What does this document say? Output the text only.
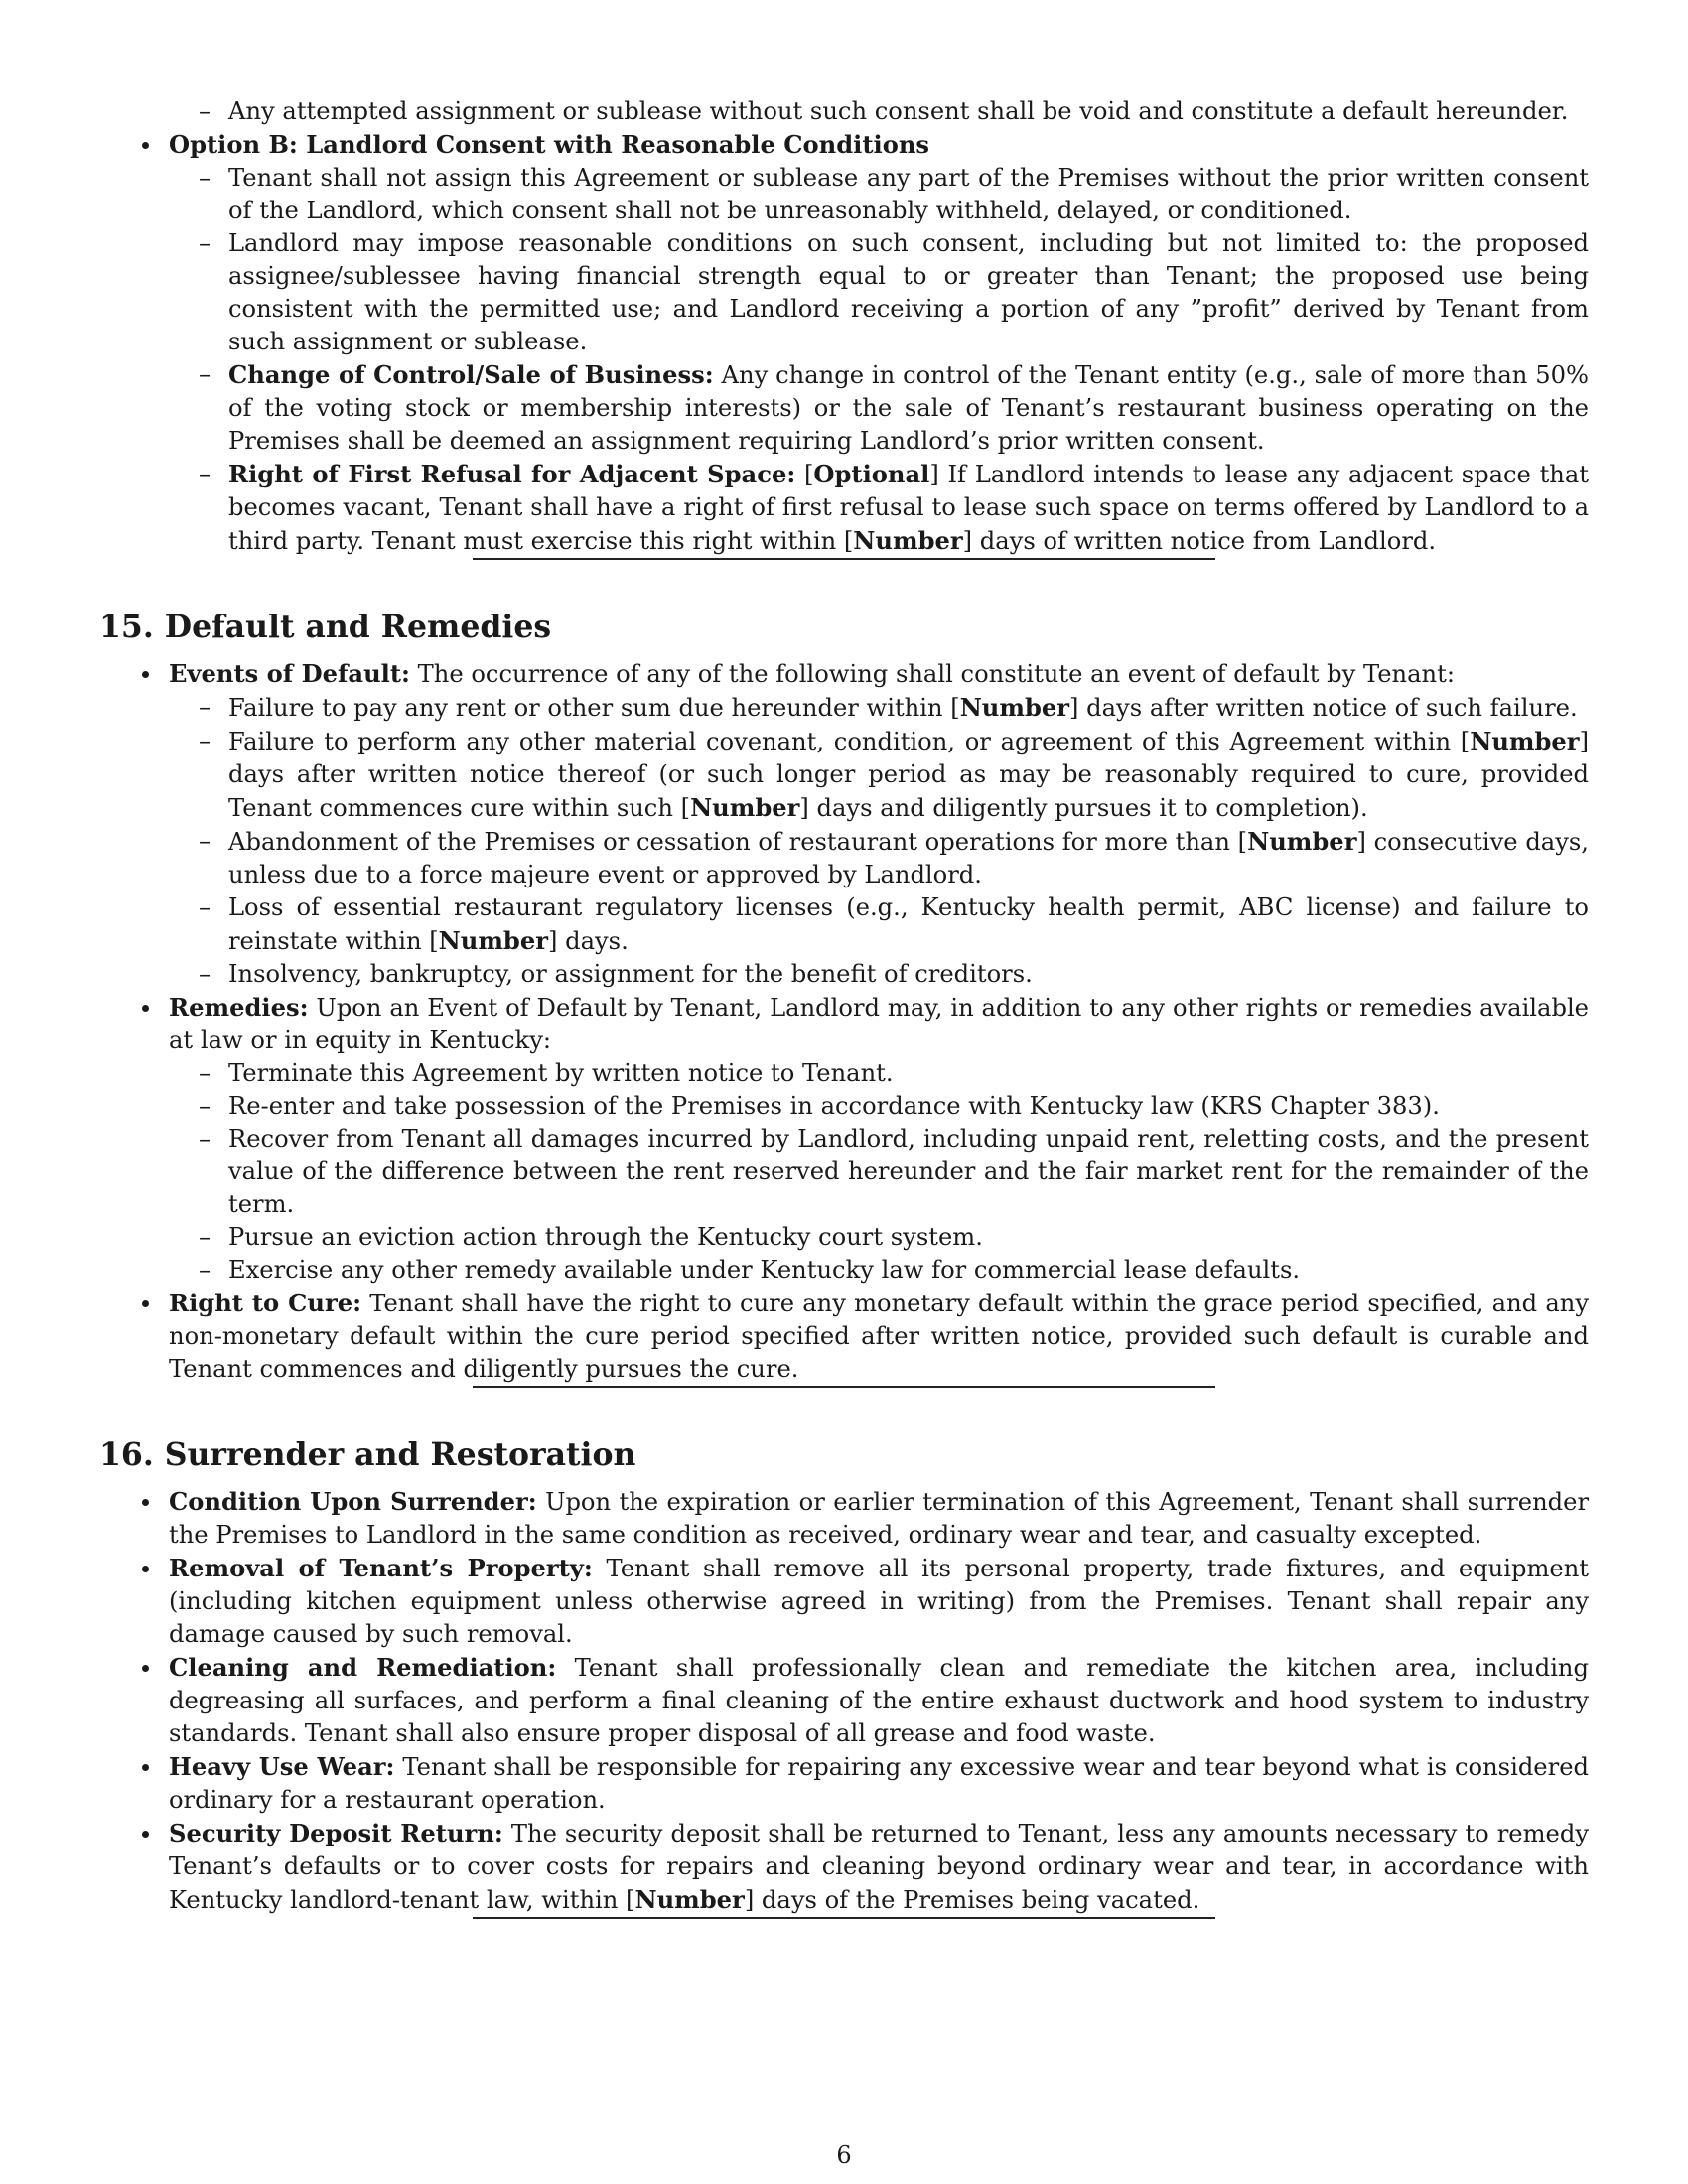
– Any attempted assignment or sublease without such consent shall be void and constitute a default hereunder.
Option B: Landlord Consent with Reasonable Conditions
– Tenant shall not assign this Agreement or sublease any part of the Premises without the prior written consent of the Landlord, which consent shall not be unreasonably withheld, delayed, or conditioned.
– Landlord may impose reasonable conditions on such consent, including but not limited to: the proposed assignee/sublessee having financial strength equal to or greater than Tenant; the proposed use being consistent with the permitted use; and Landlord receiving a portion of any ”profit” derived by Tenant from such assignment or sublease.
– Change of Control/Sale of Business: Any change in control of the Tenant entity (e.g., sale of more than 50% of the voting stock or membership interests) or the sale of Tenant’s restaurant business operating on the Premises shall be deemed an assignment requiring Landlord’s prior written consent.
– Right of First Refusal for Adjacent Space: [Optional] If Landlord intends to lease any adjacent space that becomes vacant, Tenant shall have a right of first refusal to lease such space on terms offered by Landlord to a third party. Tenant must exercise this right within [Number] days of written notice from Landlord.
15. Default and Remedies
Events of Default: The occurrence of any of the following shall constitute an event of default by Tenant:
– Failure to pay any rent or other sum due hereunder within [Number] days after written notice of such failure.
– Failure to perform any other material covenant, condition, or agreement of this Agreement within [Number] days after written notice thereof (or such longer period as may be reasonably required to cure, provided Tenant commences cure within such [Number] days and diligently pursues it to completion).
– Abandonment of the Premises or cessation of restaurant operations for more than [Number] consecutive days, unless due to a force majeure event or approved by Landlord.
– Loss of essential restaurant regulatory licenses (e.g., Kentucky health permit, ABC license) and failure to reinstate within [Number] days.
– Insolvency, bankruptcy, or assignment for the benefit of creditors.
Remedies: Upon an Event of Default by Tenant, Landlord may, in addition to any other rights or remedies available at law or in equity in Kentucky:
– Terminate this Agreement by written notice to Tenant.
– Re-enter and take possession of the Premises in accordance with Kentucky law (KRS Chapter 383).
– Recover from Tenant all damages incurred by Landlord, including unpaid rent, reletting costs, and the present value of the difference between the rent reserved hereunder and the fair market rent for the remainder of the term.
– Pursue an eviction action through the Kentucky court system.
– Exercise any other remedy available under Kentucky law for commercial lease defaults.
Right to Cure: Tenant shall have the right to cure any monetary default within the grace period specified, and any non-monetary default within the cure period specified after written notice, provided such default is curable and Tenant commences and diligently pursues the cure.
16. Surrender and Restoration
Condition Upon Surrender: Upon the expiration or earlier termination of this Agreement, Tenant shall surrender the Premises to Landlord in the same condition as received, ordinary wear and tear, and casualty excepted.
Removal of Tenant’s Property: Tenant shall remove all its personal property, trade fixtures, and equipment (including kitchen equipment unless otherwise agreed in writing) from the Premises. Tenant shall repair any damage caused by such removal.
Cleaning and Remediation: Tenant shall professionally clean and remediate the kitchen area, including degreasing all surfaces, and perform a final cleaning of the entire exhaust ductwork and hood system to industry standards. Tenant shall also ensure proper disposal of all grease and food waste.
Heavy Use Wear: Tenant shall be responsible for repairing any excessive wear and tear beyond what is considered ordinary for a restaurant operation.
Security Deposit Return: The security deposit shall be returned to Tenant, less any amounts necessary to remedy Tenant’s defaults or to cover costs for repairs and cleaning beyond ordinary wear and tear, in accordance with Kentucky landlord-tenant law, within [Number] days of the Premises being vacated.
6
